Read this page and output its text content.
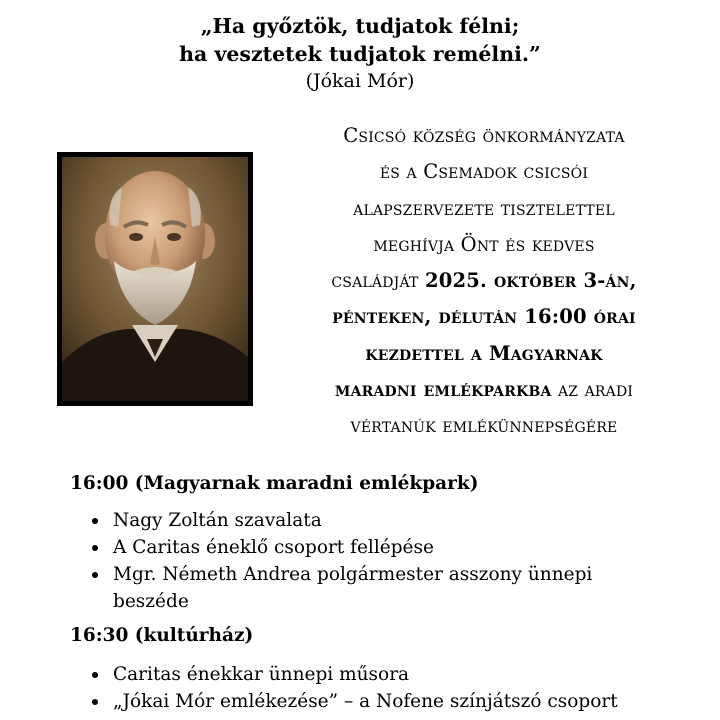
„Ha győztök, tudjatok félni;
ha vesztetek tudjatok remélni.”
(Jókai Mór)
Csicsó község önkormányzata
és a Csemadok csicsói
alapszervezete tisztelettel
meghívja Önt és kedves
családját 2025. október 3-án,
pénteken, délután 16:00 órai
kezdettel a Magyarnak
maradni emlékparkba az aradi
vértanúk emlékünnepségére
16:00 (Magyarnak maradni emlékpark)
Nagy Zoltán szavalata
A Caritas éneklő csoport fellépése
Mgr. Németh Andrea polgármester asszony ünnepi beszéde
16:30 (kultúrház)
Caritas énekkar ünnepi műsora
„Jókai Mór emlékezése” – a Nofene színjátszó csoport
